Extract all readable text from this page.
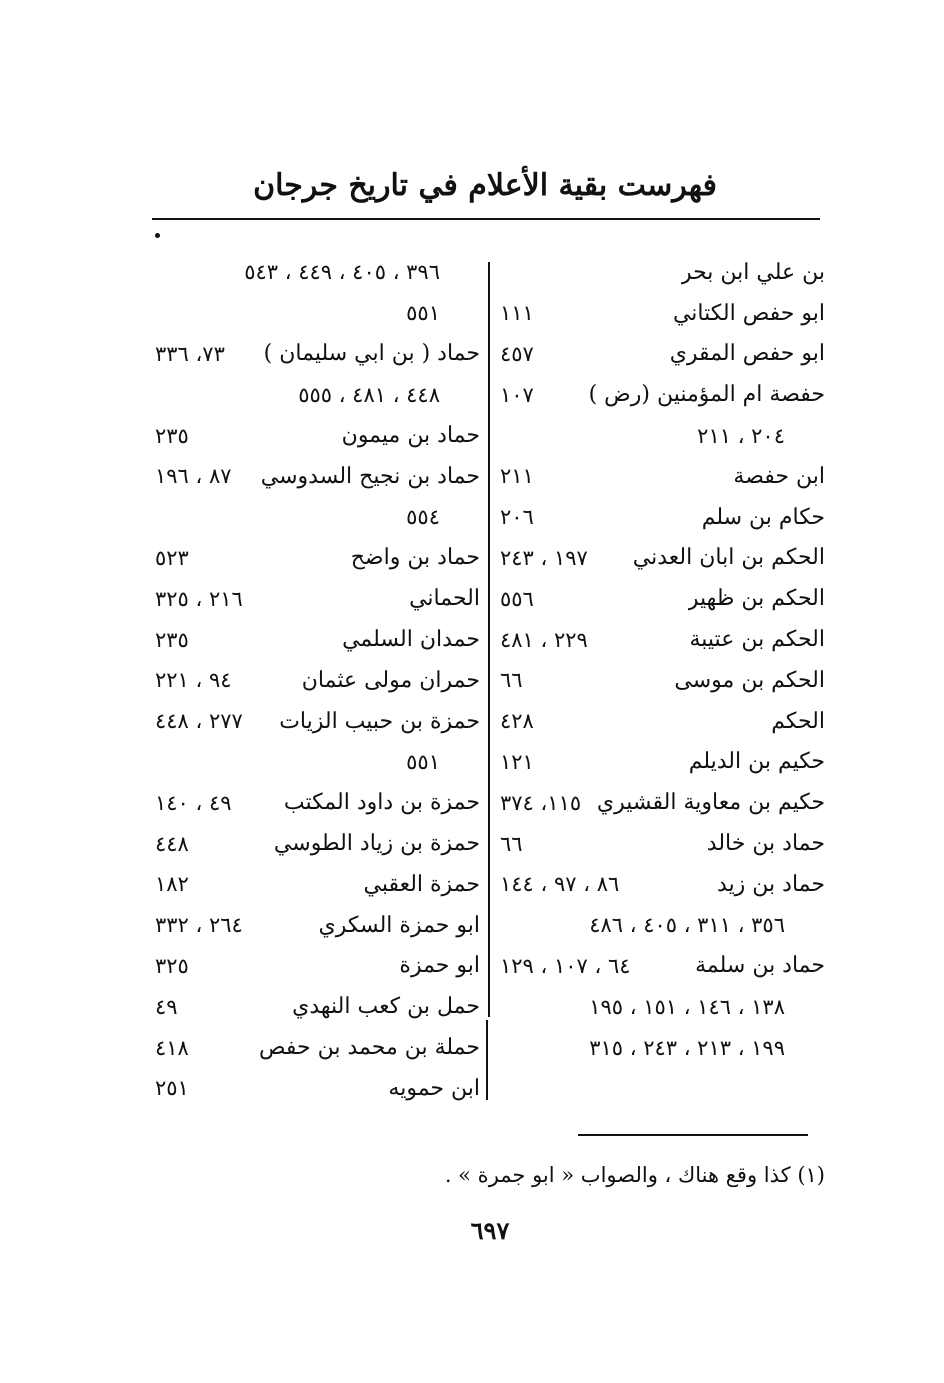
فهرست بقية الأعلام في تاريخ جرجان
بن علي ابن بحر
ابو حفص الكتاني
١١١
ابو حفص المقري
٤٥٧
حفصة ام المؤمنين (رض )
١٠٧
٢٠٤ ، ٢١١
ابن حفصة
٢١١
حكام بن سلم
٢٠٦
الحكم بن ابان العدني
١٩٧ ، ٢٤٣
الحكم بن ظهير
٥٥٦
الحكم بن عتيبة
٢٢٩ ، ٤٨١
الحكم بن موسى
٦٦
الحكم
٤٢٨
حكيم بن الديلم
١٢١
حكيم بن معاوية القشيري
١١٥، ٣٧٤
حماد بن خالد
٦٦
حماد بن زيد
٨٦ ، ٩٧ ، ١٤٤
٣٥٦ ، ٣١١ ، ٤٠٥ ، ٤٨٦
حماد بن سلمة
٦٤ ، ١٠٧ ، ١٢٩
١٣٨ ، ١٤٦ ، ١٥١ ، ١٩٥
١٩٩ ، ٢١٣ ، ٢٤٣ ، ٣١٥
٣٩٦ ، ٤٠٥ ، ٤٤٩ ، ٥٤٣
٥٥١
حماد ( بن ابي سليمان )
٧٣، ٣٣٦
٤٤٨ ، ٤٨١ ، ٥٥٥
حماد بن ميمون
٢٣٥
حماد بن نجيح السدوسي
٨٧ ، ١٩٦
٥٥٤
حماد بن واضح
٥٢٣
الحماني
٢١٦ ، ٣٢٥
حمدان السلمي
٢٣٥
حمران مولى عثمان
٩٤ ، ٢٢١
حمزة بن حبيب الزيات
٢٧٧ ، ٤٤٨
٥٥١
حمزة بن داود المكتب
٤٩ ، ١٤٠
حمزة بن زياد الطوسي
٤٤٨
حمزة العقبي
١٨٢
ابو حمزة السكري
٢٦٤ ، ٣٣٢
ابو حمزة
٣٢٥
حمل بن كعب النهدي
٤٩
حملة بن محمد بن حفص
٤١٨
ابن حمويه
٢٥١
(١) كذا وقع هناك ، والصواب « ابو جمرة » .
٦٩٧
